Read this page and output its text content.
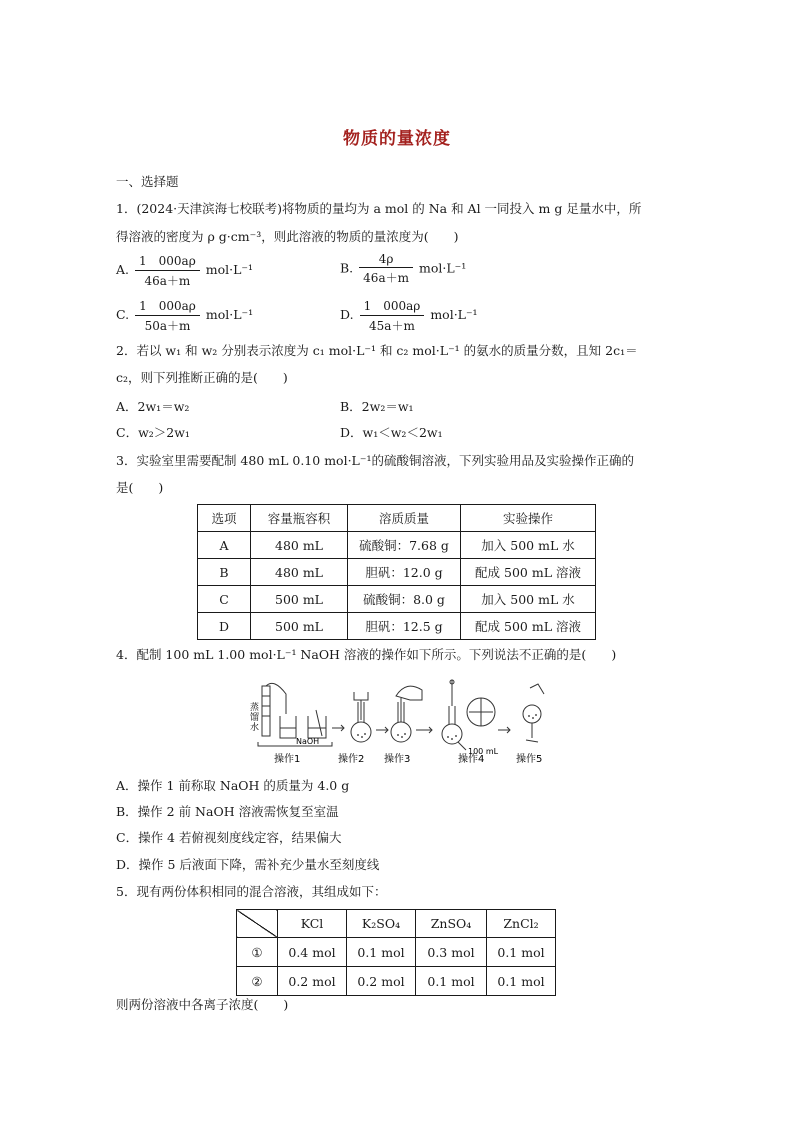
物质的量浓度
一、选择题
1．(2024·天津滨海七校联考)将物质的量均为 a mol 的 Na 和 Al 一同投入 m g 足量水中，所
得溶液的密度为 ρ g·cm⁻³，则此溶液的物质的量浓度为(　　)
A. $\frac{1 000a\rho}{46a+m} mol\cdot L^{-1}$	B. $\frac{4\rho}{46a+m} mol\cdot L^{-1}$
C. $\frac{1 000a\rho}{50a+m} mol\cdot L^{-1}$	D. $\frac{1 000a\rho}{45a+m} mol\cdot L^{-1}$
2．若以 w₁ 和 w₂ 分别表示浓度为 c₁ mol·L⁻¹ 和 c₂ mol·L⁻¹ 的氨水的质量分数，且知 2c₁＝
c₂，则下列推断正确的是(　　)
A．2w₁＝w₂	B．2w₂＝w₁
C．w₂＞2w₁	D．w₁＜w₂＜2w₁
3．实验室里需要配制 480 mL 0.10 mol·L⁻¹的硫酸铜溶液，下列实验用品及实验操作正确的
是(　　)
选项	容量瓶容积	溶质质量	实验操作
A	480 mL	硫酸铜：7.68 g	加入 500 mL 水
B	480 mL	胆矾：12.0 g	配成 500 mL 溶液
C	500 mL	硫酸铜：8.0 g	加入 500 mL 水
D	500 mL	胆矾：12.5 g	配成 500 mL 溶液
4．配制 100 mL 1.00 mol·L⁻¹ NaOH 溶液的操作如下所示。下列说法不正确的是(　　)
蒸
馏
水
NaOH
100 mL
操作1	操作2 操作3	操作4	操作5
A．操作 1 前称取 NaOH 的质量为 4.0 g
B．操作 2 前 NaOH 溶液需恢复至室温
C．操作 4 若俯视刻度线定容，结果偏大
D．操作 5 后液面下降，需补充少量水至刻度线
5．现有两份体积相同的混合溶液，其组成如下：
	KCl	K₂SO₄	ZnSO₄	ZnCl₂
①	0.4 mol	0.1 mol	0.3 mol	0.1 mol
②	0.2 mol	0.2 mol	0.1 mol	0.1 mol
则两份溶液中各离子浓度(　　)
